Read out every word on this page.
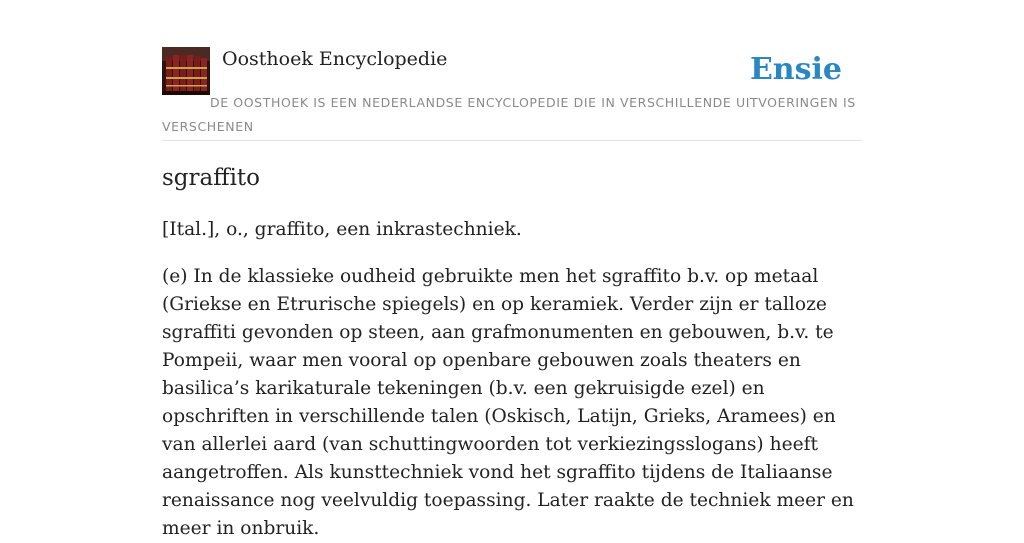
Oosthoek Encyclopedie	Ensie
DE OOSTHOEK IS EEN NEDERLANDSE ENCYCLOPEDIE DIE IN VERSCHILLENDE UITVOERINGEN IS VERSCHENEN
sgraffito

[Ital.], o., graffito, een inkrastechniek.

(e) In de klassieke oudheid gebruikte men het sgraffito b.v. op metaal (Griekse en Etrurische spiegels) en op keramiek. Verder zijn er talloze sgraffiti gevonden op steen, aan grafmonumenten en gebouwen, b.v. te Pompeii, waar men vooral op openbare gebouwen zoals theaters en basilica’s karikaturale tekeningen (b.v. een gekruisigde ezel) en opschriften in verschillende talen (Oskisch, Latijn, Grieks, Aramees) en van allerlei aard (van schuttingwoorden tot verkiezingsslogans) heeft aangetroffen. Als kunsttechniek vond het sgraffito tijdens de Italiaanse renaissance nog veelvuldig toepassing. Later raakte de techniek meer en meer in onbruik.
